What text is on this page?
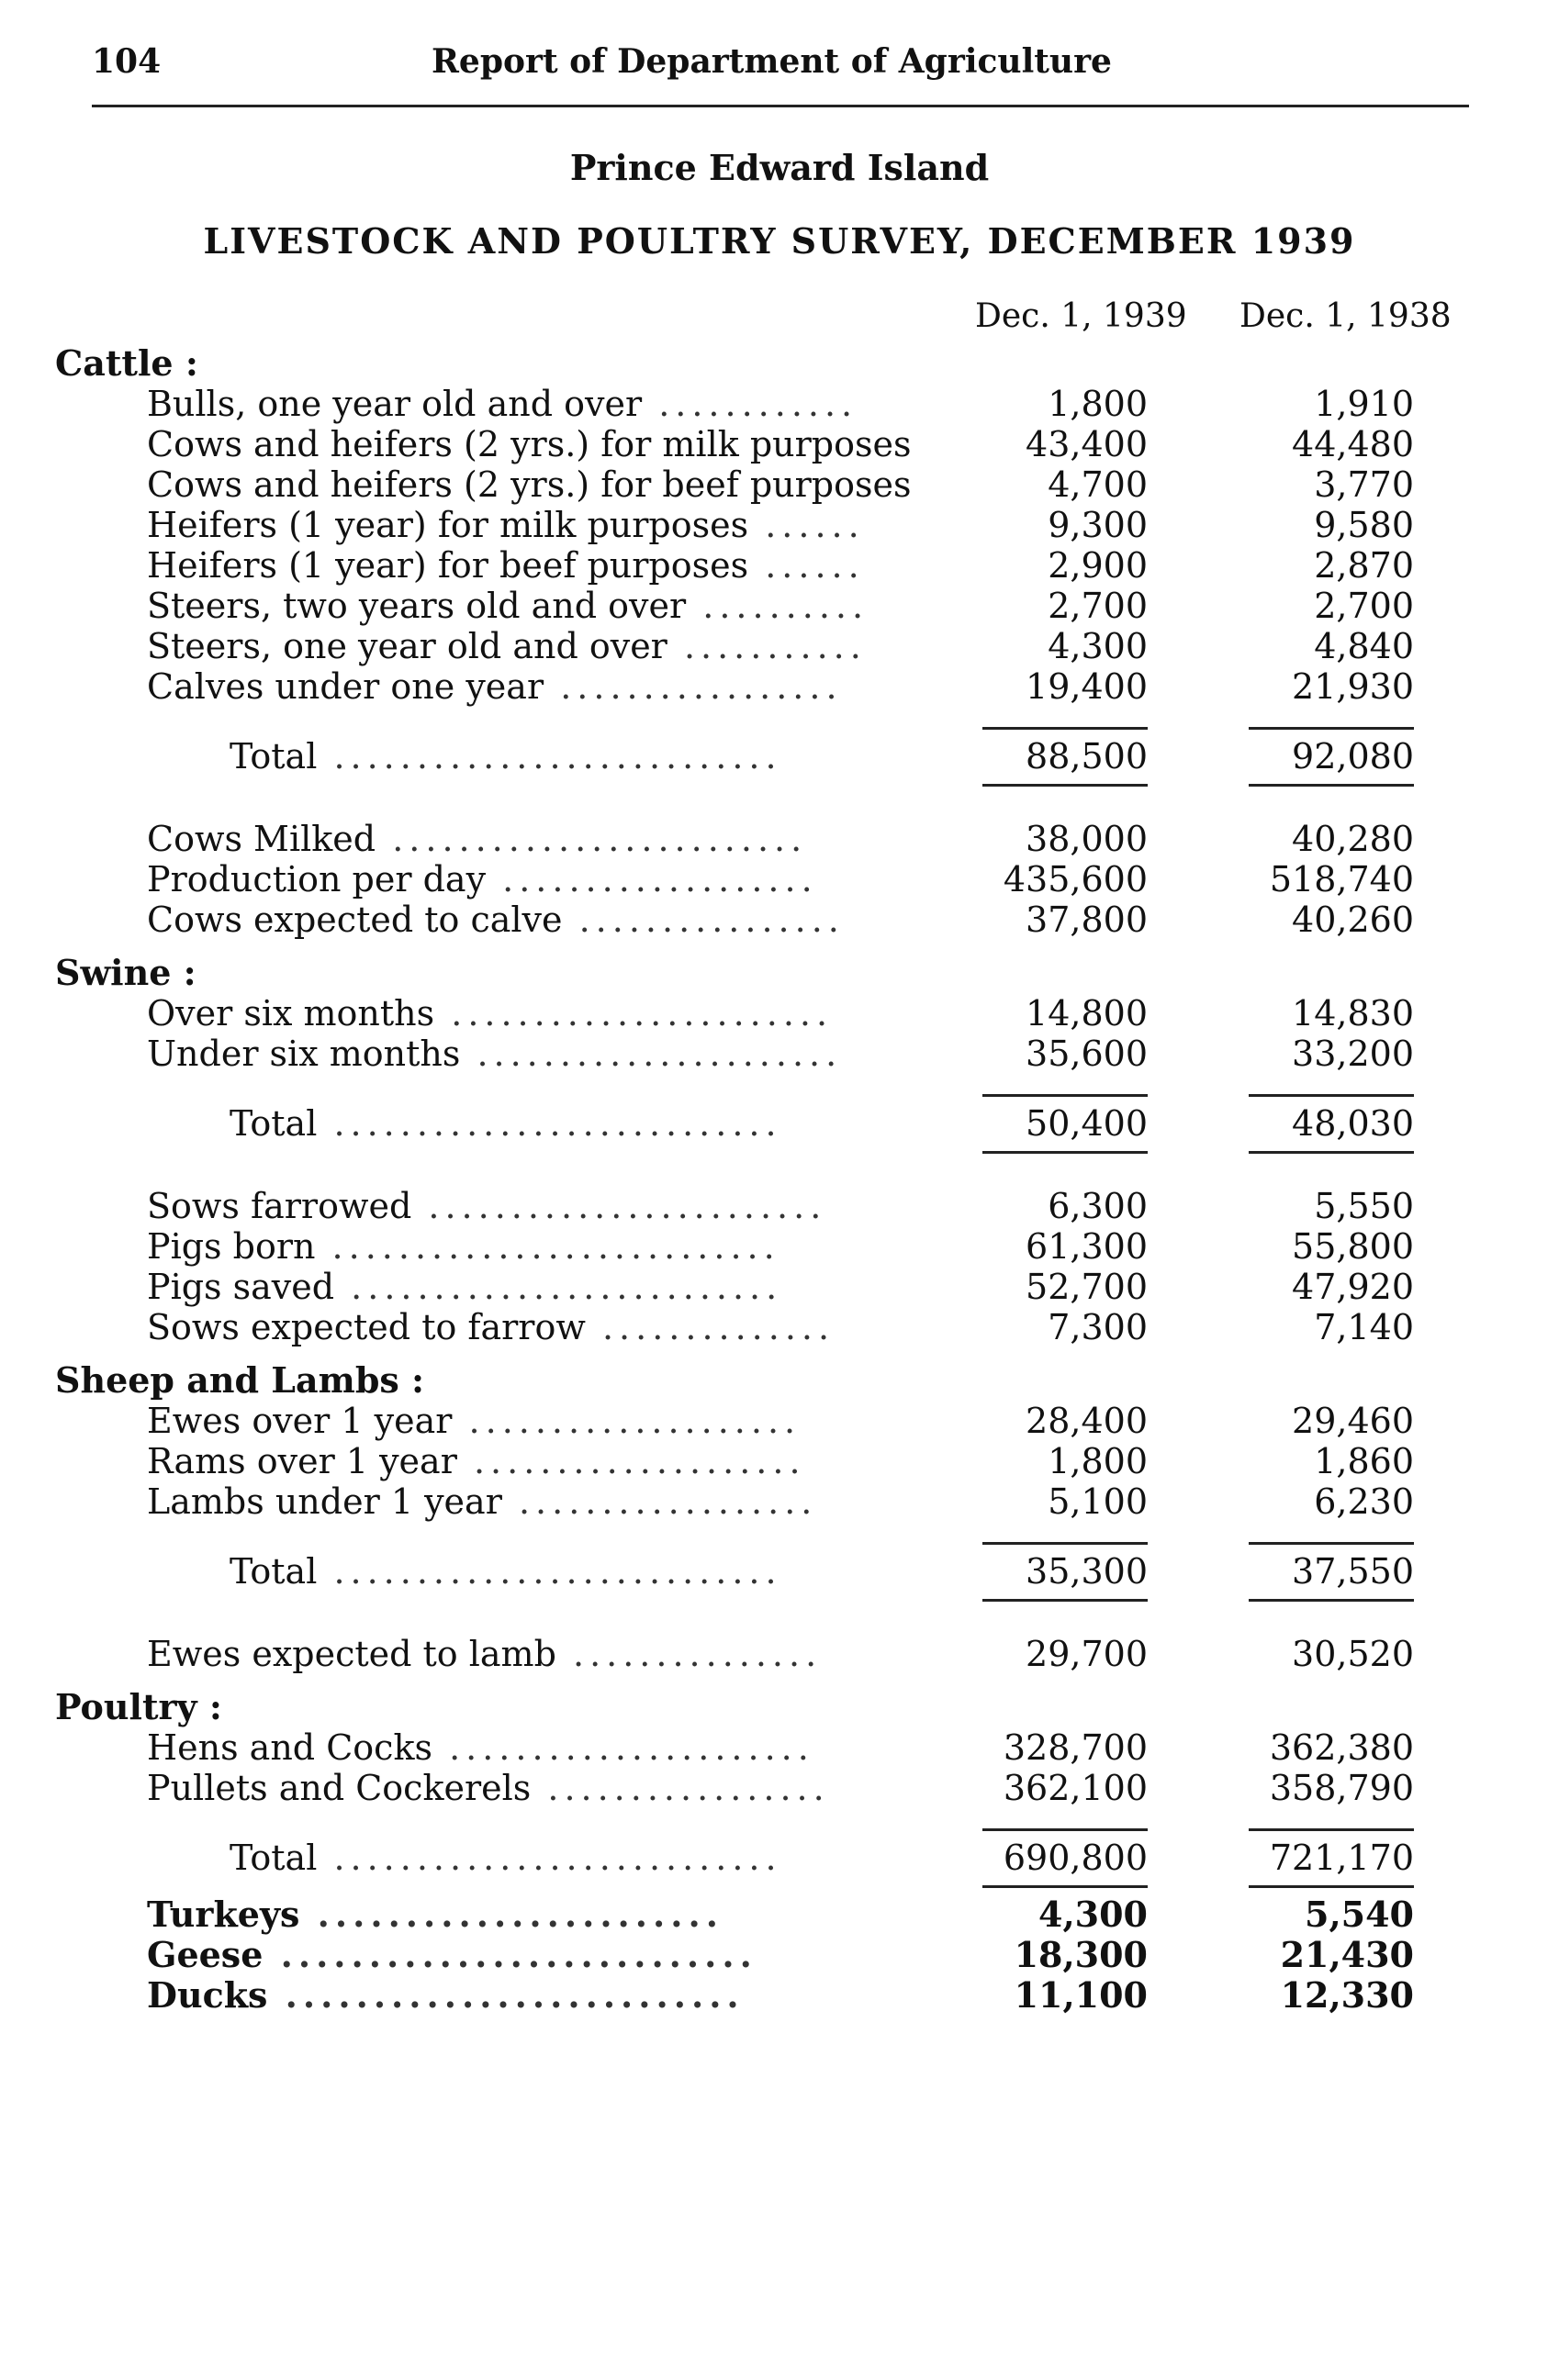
104	Report of Department of Agriculture
Prince Edward Island
LIVESTOCK AND POULTRY SURVEY, DECEMBER 1939
Dec. 1, 1939 Dec. 1, 1938
Cattle :
Bulls, one year old and over ............	1,800	1,910
Cows and heifers (2 yrs.) for milk purposes	43,400	44,480
Cows and heifers (2 yrs.) for beef purposes	4,700	3,770
Heifers (1 year) for milk purposes ......	9,300	9,580
Heifers (1 year) for beef purposes ......	2,900	2,870
Steers, two years old and over ..........	2,700	2,700
Steers, one year old and over ...........	4,300	4,840
Calves under one year .................	19,400	21,930
Total ...........................	88,500	92,080
Cows Milked .........................	38,000	40,280
Production per day ...................	435,600	518,740
Cows expected to calve ................	37,800	40,260
Swine :
Over six months .......................	14,800	14,830
Under six months ......................	35,600	33,200
Total ...........................	50,400	48,030
Sows farrowed ........................	6,300	5,550
Pigs born ...........................	61,300	55,800
Pigs saved ..........................	52,700	47,920
Sows expected to farrow ..............	7,300	7,140
Sheep and Lambs :
Ewes over 1 year ....................	28,400	29,460
Rams over 1 year ....................	1,800	1,860
Lambs under 1 year ..................	5,100	6,230
Total ...........................	35,300	37,550
Ewes expected to lamb ...............	29,700	30,520
Poultry :
Hens and Cocks ......................	328,700	362,380
Pullets and Cockerels .................	362,100	358,790
Total ...........................	690,800	721,170
Turkeys .......................	4,300	5,540
Geese ...........................	18,300	21,430
Ducks ..........................	11,100	12,330
